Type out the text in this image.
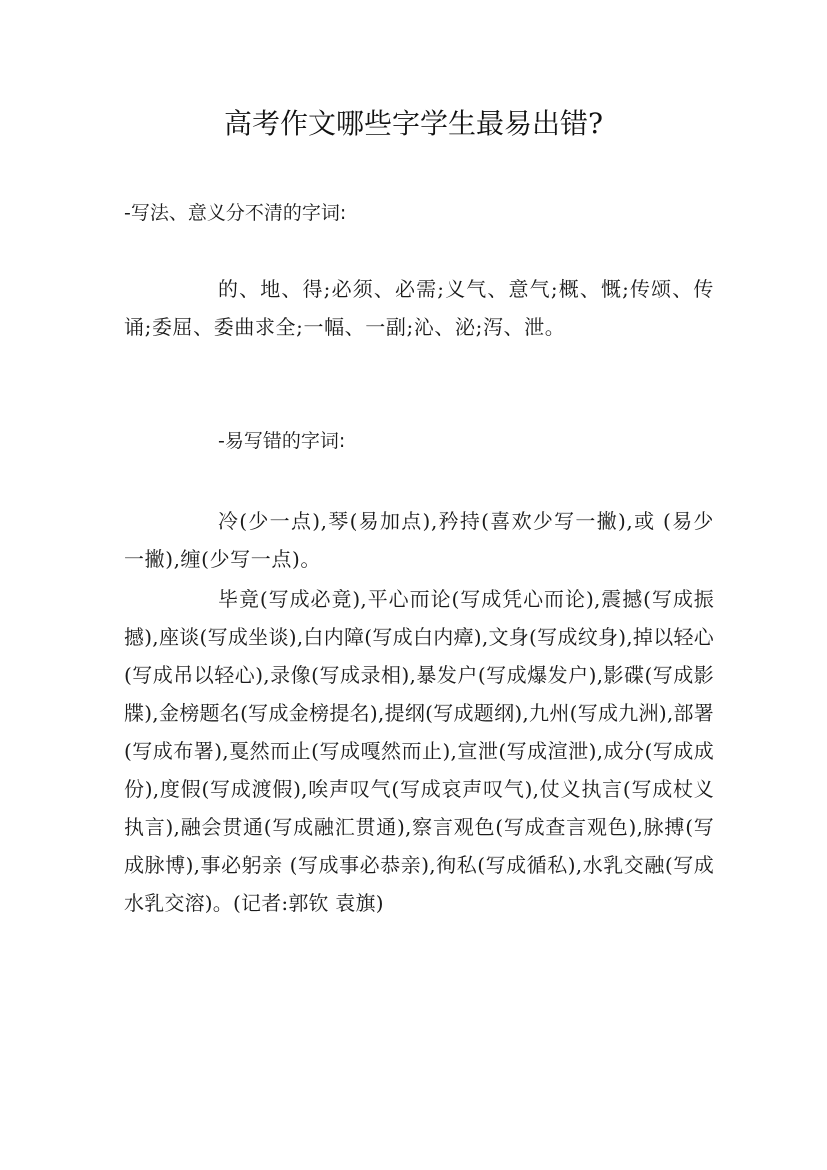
高考作文哪些字学生最易出错?
-写法、意义分不清的字词:
的、地、得;必须、必需;义气、意气;概、慨;传颂、传诵;委屈、委曲求全;一幅、一副;沁、泌;泻、泄。
-易写错的字词:
冷(少一点),琴(易加点),矜持(喜欢少写一撇),或 (易少一撇),缠(少写一点)。
毕竟(写成必竟),平心而论(写成凭心而论),震撼(写成振撼),座谈(写成坐谈),白内障(写成白内瘴),文身(写成纹身),掉以轻心 (写成吊以轻心),录像(写成录相),暴发户(写成爆发户),影碟(写成影牒),金榜题名(写成金榜提名),提纲(写成题纲),九州(写成九洲),部署(写成布署),戛然而止(写成嘎然而止),宣泄(写成渲泄),成分(写成成份),度假(写成渡假),唉声叹气(写成哀声叹气),仗义执言(写成杖义执言),融会贯通(写成融汇贯通),察言观色(写成查言观色),脉搏(写成脉博),事必躬亲 (写成事必恭亲),徇私(写成循私),水乳交融(写成水乳交溶)。(记者:郭钦 袁旗)
